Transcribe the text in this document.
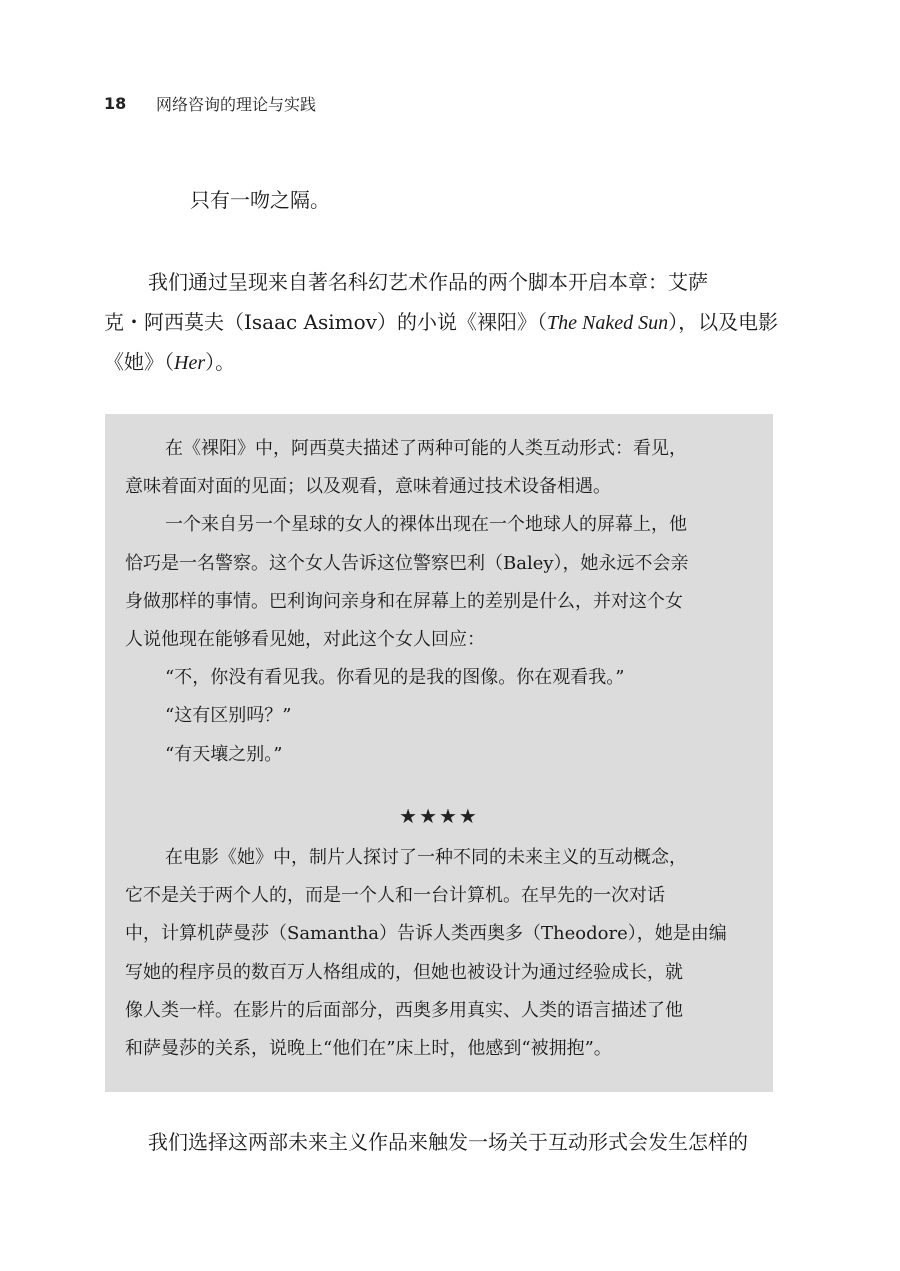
18	网络咨询的理论与实践

只有一吻之隔。

我们通过呈现来自著名科幻艺术作品的两个脚本开启本章：艾萨

克・阿西莫夫（Isaac Asimov）的小说《裸阳》（The Naked Sun），以及电影
《她》（Her）。

在《裸阳》中，阿西莫夫描述了两种可能的人类互动形式：看见，
意味着面对面的见面；以及观看，意味着通过技术设备相遇。

一个来自另一个星球的女人的裸体出现在一个地球人的屏幕上，他
恰巧是一名警察。这个女人告诉这位警察巴利（Baley），她永远不会亲
身做那样的事情。巴利询问亲身和在屏幕上的差别是什么，并对这个女
人说他现在能够看见她，对此这个女人回应：
“不，你没有看见我。你看见的是我的图像。你在观看我。”
“这有区别吗？”
“有天壤之别。”

★★★★

在电影《她》中，制片人探讨了一种不同的未来主义的互动概念，
它不是关于两个人的，而是一个人和一台计算机。在早先的一次对话
中，计算机萨曼莎（Samantha）告诉人类西奥多（Theodore），她是由编
写她的程序员的数百万人格组成的，但她也被设计为通过经验成长，就
像人类一样。在影片的后面部分，西奥多用真实、人类的语言描述了他
和萨曼莎的关系，说晚上“他们在”床上时，他感到“被拥抱”。

我们选择这两部未来主义作品来触发一场关于互动形式会发生怎样的
